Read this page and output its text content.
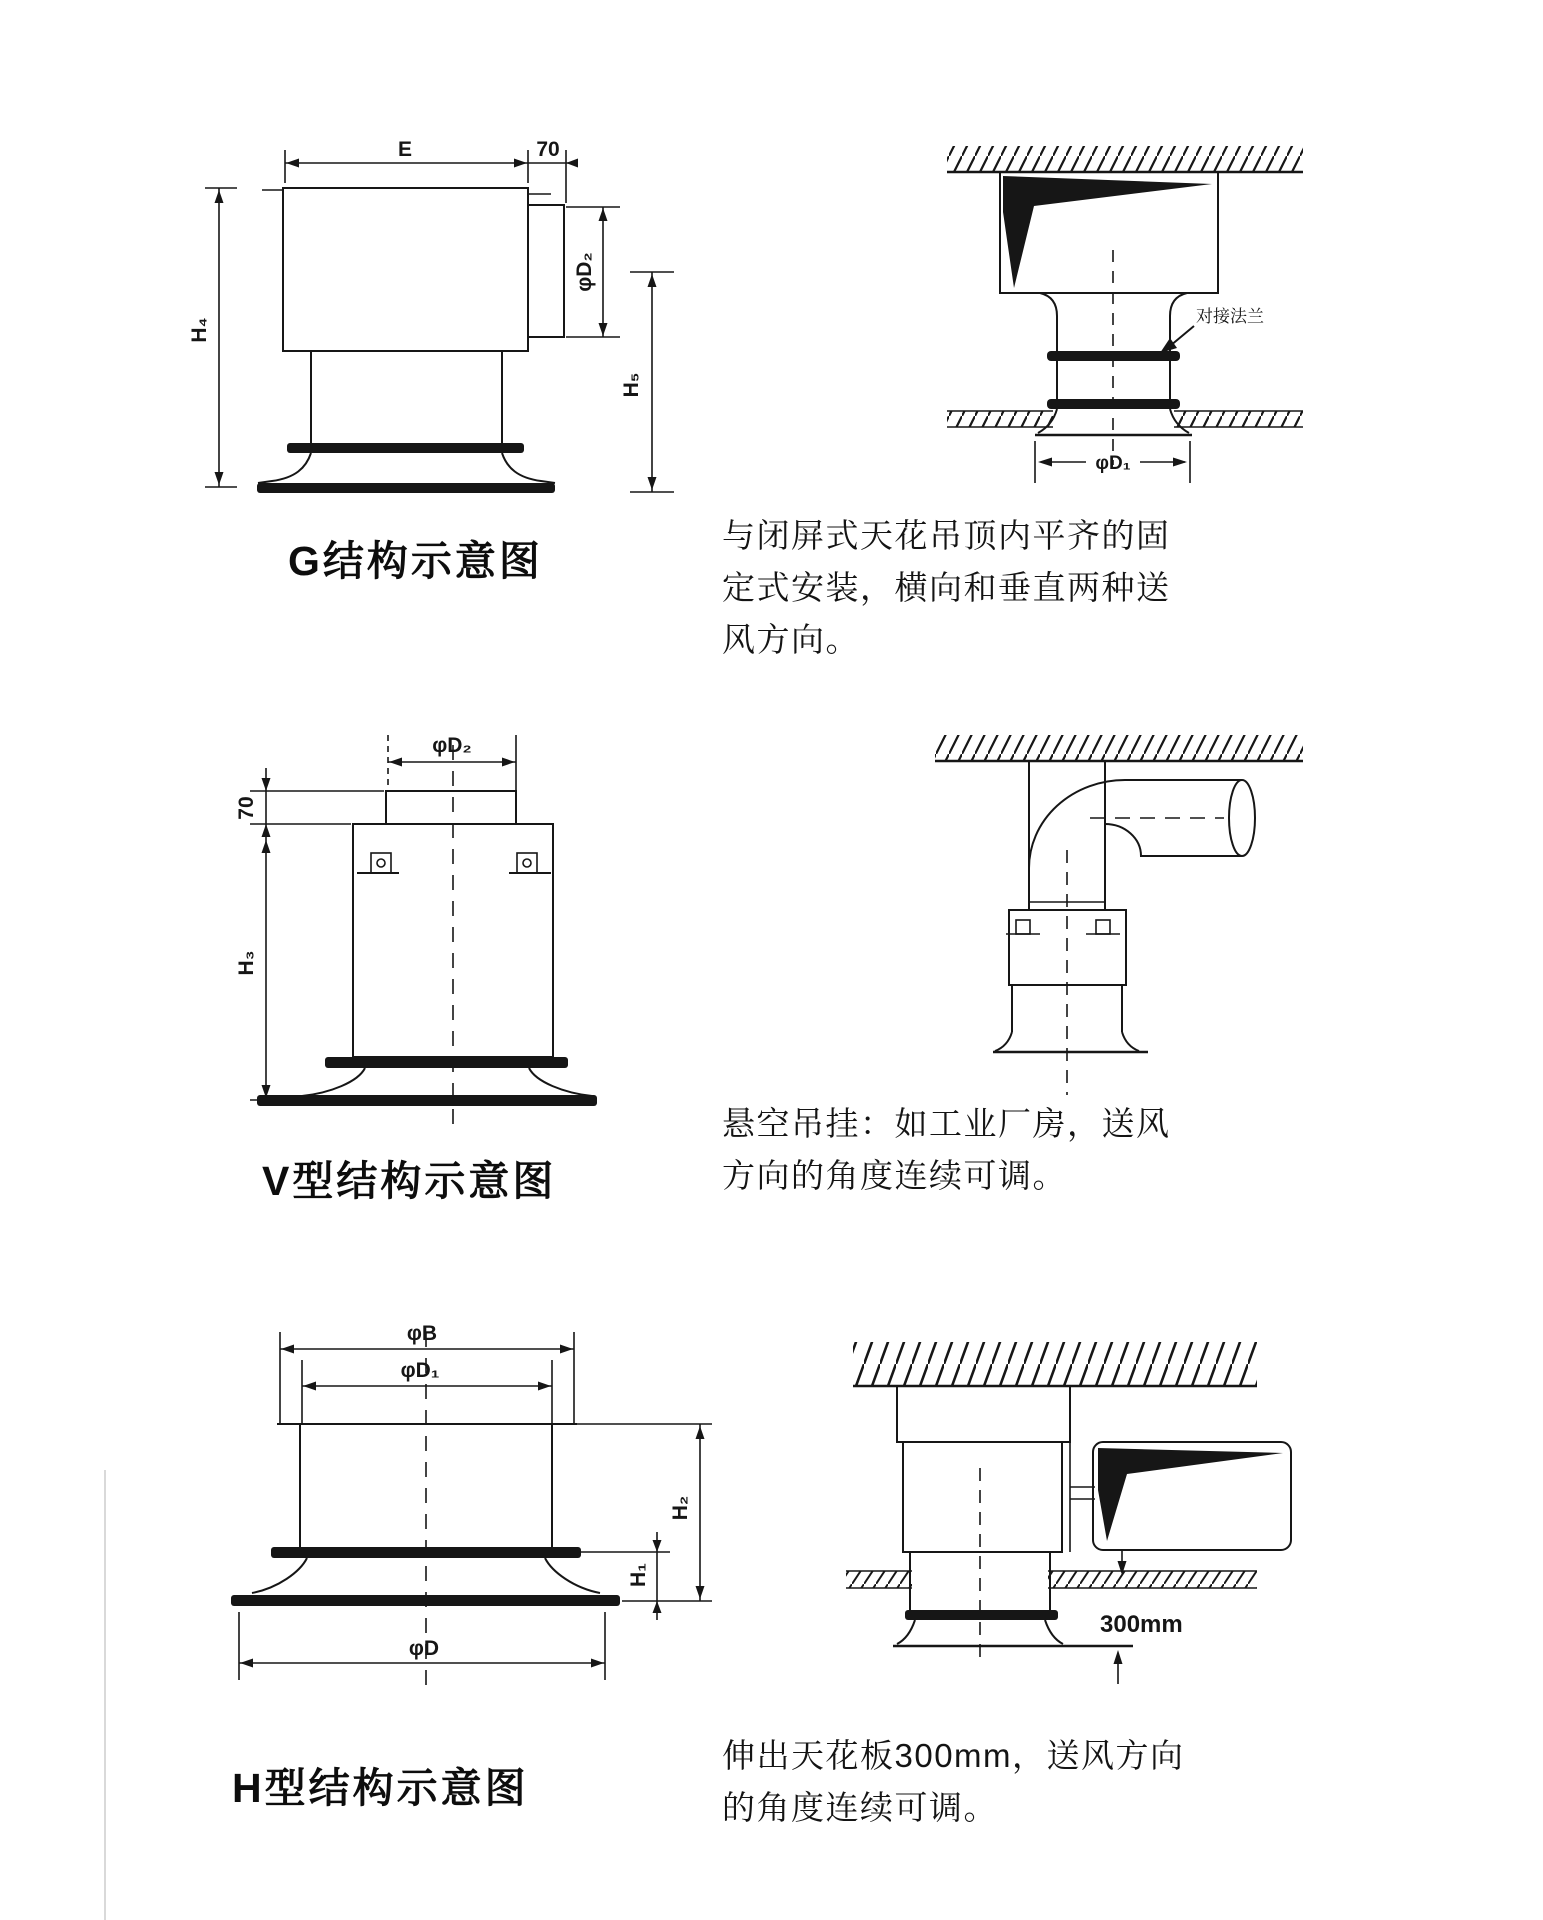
E	70
φD₂
H₅
H₄
G结构示意图
对接法兰
φD₁
与闭屏式天花吊顶内平齐的固
定式安装，横向和垂直两种送
风方向。
φD₂
70
H₃
V型结构示意图
悬空吊挂：如工业厂房，送风
方向的角度连续可调。
φB
φD₁
φD
H₂
H₁
H型结构示意图
300mm
伸出天花板300mm，送风方向
的角度连续可调。
